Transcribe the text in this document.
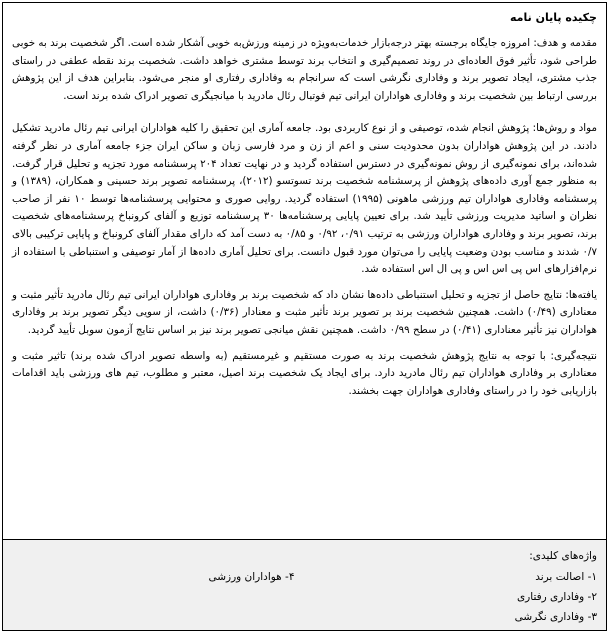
چکیده پایان نامه

مقدمه و هدف: امروزه جایگاه برجسته بهتر درجه‌بازار خدمات‌به‌ویژه در زمینه ورزش‌به خوبی آشکار شده است. اگر شخصیت برند به خوبی طراحی شود، تأثیر فوق العاده‌ای در روند تصمیم‌گیری و انتخاب برند توسط مشتری خواهد داشت. شخصیت برند نقطه عطفی در راستای جذب مشتری، ایجاد تصویر برند و وفاداری نگرشی است که سرانجام به وفاداری رفتاری او منجر می‌شود. بنابراین هدف از این پژوهش بررسی ارتباط بین شخصیت برند و وفاداری هواداران ایرانی تیم فوتبال رئال مادرید با میانجیگری تصویر ادراک شده برند است.

مواد و روش‌ها: پژوهش انجام شده، توصیفی و از نوع کاربردی بود. جامعه آماری این تحقیق را کلیه هواداران ایرانی تیم رئال مادرید تشکیل دادند. در این پژوهش هواداران بدون محدودیت سنی و اعم از زن و مرد فارسی زبان و ساکن ایران جزء جامعه آماری در نظر گرفته شده‌اند، برای نمونه‌گیری از روش نمونه‌گیری در دسترس استفاده گردید و در نهایت تعداد ۲۰۴ پرسشنامه مورد تجزیه و تحلیل قرار گرفت. به منظور جمع آوری داده‌های پژوهش از پرسشنامه شخصیت برند تسوتسو (۲۰۱۲)، پرسشنامه تصویر برند حسینی و همکاران، (۱۳۸۹) و پرسشنامه وفاداری هواداران تیم ورزشی ماهونی (۱۹۹۵) استفاده گردید. روایی صوری و محتوایی پرسشنامه‌ها توسط ۱۰ نفر از صاحب نظران و اساتید مدیریت ورزشی تأیید شد. برای تعیین پایایی پرسشنامه‌ها ۳۰ پرسشنامه توزیع و آلفای کرونباخ پرسشنامه‌های شخصیت برند، تصویر برند و وفاداری هواداران ورزشی به ترتیب ۰/۹۱، ۰/۹۲ و ۰/۸۵ به دست آمد که دارای مقدار آلفای کرونباخ و پایایی ترکیبی بالای ۰/۷ شدند و مناسب بودن وضعیت پایایی را می‌توان مورد قبول دانست. برای تحلیل آماری داده‌ها از آمار توصیفی و استنباطی با استفاده از نرم‌افزارهای اس پی اس اس و پی ال اس استفاده شد.

یافته‌ها: نتایج حاصل از تجزیه و تحلیل استنباطی داده‌ها نشان داد که شخصیت برند بر وفاداری هواداران ایرانی تیم رئال مادرید تأثیر مثبت و معناداری (۰/۴۹) داشت. همچنین شخصیت برند بر تصویر برند تأثیر مثبت و معنادار (۰/۳۶) داشت، از سویی دیگر تصویر برند بر وفاداری هواداران نیز تأثیر معناداری (۰/۴۱) در سطح ۰/۹۹ داشت. همچنین نقش میانجی تصویر برند نیز بر اساس نتایج آزمون سوبل تأیید گردید.

نتیجه‌گیری: با توجه به نتایج پژوهش شخصیت برند به صورت مستقیم و غیرمستقیم (به واسطه تصویر ادراک شده برند) تاثیر مثبت و معناداری بر وفاداری هواداران تیم رئال مادرید دارد. برای ایجاد یک شخصیت برند اصیل، معتبر و مطلوب، تیم های ورزشی باید اقدامات بازاریابی خود را در راستای وفاداری هواداران جهت بخشند.

واژه‌های کلیدی:
۱- اصالت برند
۲- وفاداری رفتاری
۳- وفاداری نگرشی
۴- هواداران ورزشی
